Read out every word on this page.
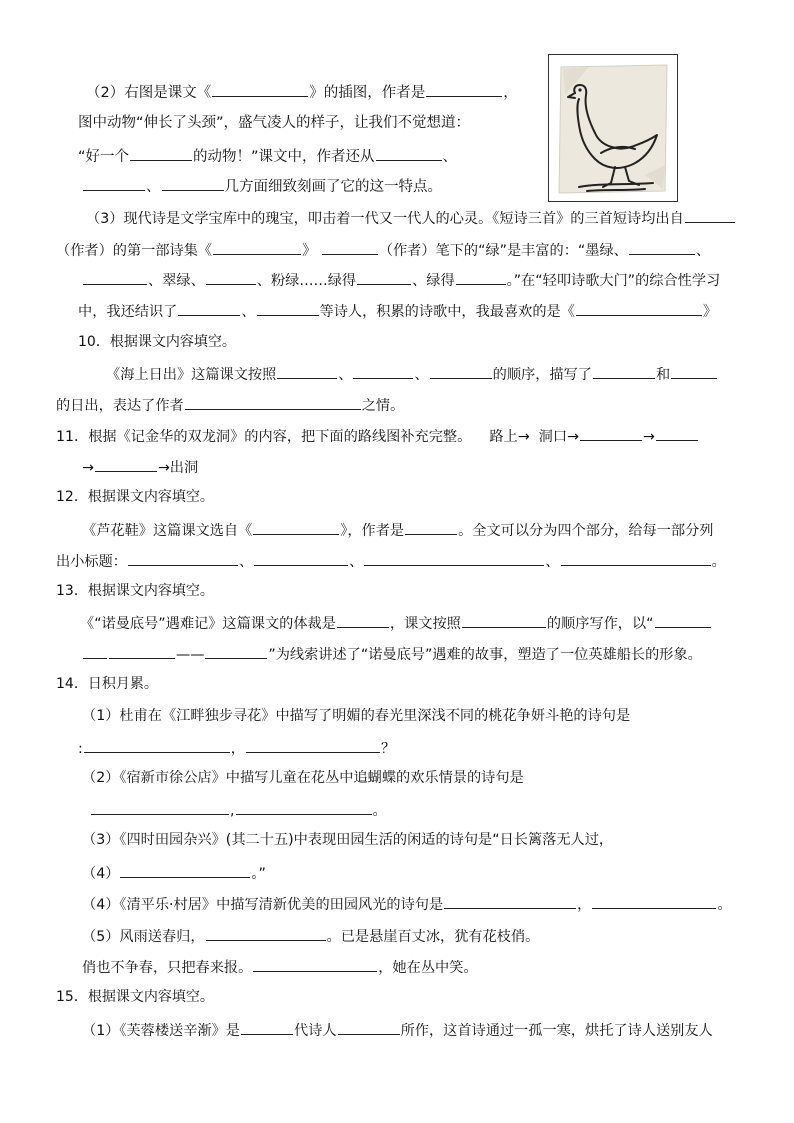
（2）右图是课文《	》的插图，作者是	，
图中动物“伸长了头颈”，盛气凌人的样子，让我们不觉想道：
“好一个	的动物！”课文中，作者还从	、
、	几方面细致刻画了它的这一特点。
（3）现代诗是文学宝库中的瑰宝，叩击着一代又一代人的心灵。《短诗三首》的三首短诗均出自
（作者）的第一部诗集《	》	（作者）笔下的“绿”是丰富的：“墨绿、	、
、翠绿、	、粉绿……绿得	、绿得	。”在“轻叩诗歌大门”的综合性学习
中，我还结识了	、	等诗人，积累的诗歌中，我最喜欢的是《	》
10．根据课文内容填空。
《海上日出》这篇课文按照	、	、	的顺序，描写了	和
的日出，表达了作者	之情。
11．根据《记金华的双龙洞》的内容，把下面的路线图补充完整。 路上→ 洞口→	→
→	→出洞
12．根据课文内容填空。
《芦花鞋》这篇课文选自《	》，作者是	。全文可以分为四个部分，给每一部分列
出小标题：	、	、	、	。
13．根据课文内容填空。
《“诺曼底号”遇难记》这篇课文的体裁是	，课文按照	的顺序写作，以“
——	”为线索讲述了“诺曼底号”遇难的故事，塑造了一位英雄船长的形象。
14．日积月累。
（1）杜甫在《江畔独步寻花》中描写了明媚的春光里深浅不同的桃花争妍斗艳的诗句是
:	，	？
（2）《宿新市徐公店》中描写儿童在花丛中追蝴蝶的欢乐情景的诗句是
,	。
（3）《四时田园杂兴》(其二十五)中表现田园生活的闲适的诗句是“日长篱落无人过，
（4）	。”
（4）《清平乐·村居》中描写清新优美的田园风光的诗句是	，	。
（5）风雨送春归，	。已是悬崖百丈冰，犹有花枝俏。
俏也不争春，只把春来报。	，她在丛中笑。
15．根据课文内容填空。
（1）《芙蓉楼送辛渐》是	代诗人	所作，这首诗通过一孤一寒，烘托了诗人送别友人
